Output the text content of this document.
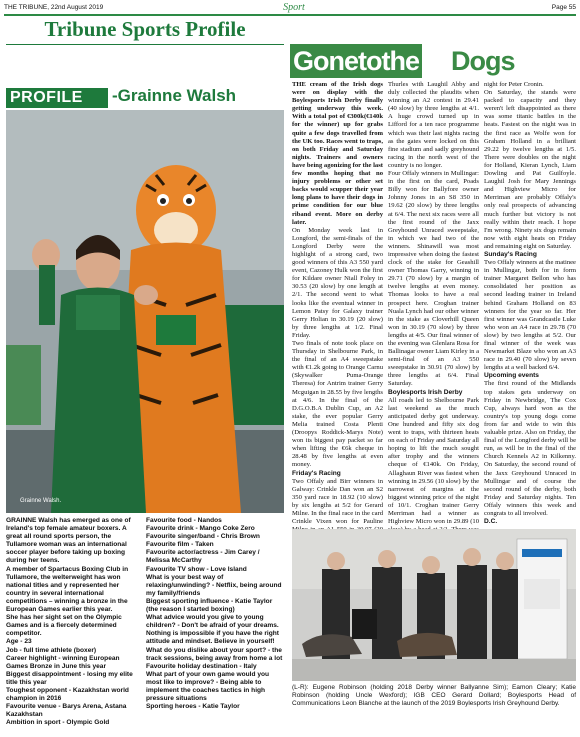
THE TRIBUNE, 22nd August 2019	Sport	Page 55
Tribune Sports Profile
PROFILE	-Grainne Walsh
Grainne Walsh.

GRAINNE Walsh has emerged as one of Ireland's top female amateur boxers. A great all round sports person, the Tullamore woman was an international soccer player before taking up boxing during her teens.

A member of Spartacus Boxing Club in Tullamore, the welterweight has won national titles and y represented her country in several international competitions – winning a bronze in the European Games earlier this year.

She has her sight set on the Olympic Games and is a fiercely determined competitor.

Age - 23

Job - full time athlete (boxer)

Career highlight - winning European Games Bronze in June this year

Biggest disappointment - losing my elite title this year

Toughest opponent - Kazakhstan world champion in 2016

Favourite venue - Barys Arena, Astana Kazakhstan

Ambition in sport - Olympic Gold

Favourite food - Nandos

Favourite drink - Mango Coke Zero

Favourite singer/band - Chris Brown

Favourite film - Taken

Favourite actor/actress - Jim Carey / Melissa McCarthy

Favourite TV show - Love Island

What is your best way of relaxing/unwinding? - Netflix, being around my family/friends

Biggest sporting influence - Katie Taylor (the reason I started boxing)

What advice would you give to young children? - Don't be afraid of your dreams. Nothing is impossible if you have the right attitude and mindset. Believe in yourself!

What do you dislike about your sport? - the track sessions, being away from home a lot

Favourite holiday destination - Italy

What part of your own game would you most like to improve? - Being able to implement the coaches tactics in high pressure situations

Sporting heroes - Katie Taylor

Gonetothe Dogs

THE cream of the Irish dogs were on display with the Boylesports Irish Derby finally getting underway this week. With a total pot of €300k(€140k for the winner) up for grabs quite a few dogs travelled from the UK too. Races went to traps, on both Friday and Saturday nights. Trainers and owners have being agonizing for the last few months hoping that no injury problems or other set backs would scupper their year long plans to have their dogs in prime condition for our blue riband event. More on derby later.

On Monday week last in Longford, the semi-finals of the Longford Derby were the highlight of a strong card, two good winners of this A3 550 yard event, Cazoney Hulk won the first for Kildare owner Niall Foley in 30.53 (20 slow) by one length at 2/1. The second went to what looks like the eventual winner in Lemon Patsy for Galaxy trainer Gerry Holian in 30.19 (20 slow) by three lengths at 1/2. Final Friday.

Two finals of note took place on Thursday in Shelbourne Park, in the final of an A4 sweepstake with €1.2k going to Orange Carnu (Skywalker Puma-Orange Theresa) for Antrim trainer Gerry Mcguigan in 28.55 by five lengths at 4/6. In the final of the D.G.O.B.A Dublin Cup, an A2 stake, the ever popular Gerry Melia trained Costa Plenti (Droopys Roddick-Marys Note) won its biggest pay packet so far when lifting the €6k cheque in 28.48 by five lengths at even money.

Friday's Racing

Two Offaly and Birr winners in Galway: Crinkle Dan won an S2 350 yard race in 18.92 (10 slow) by six lengths at 5/2 for Gerard Milne. In the final race in the card Crinkle Vixen won for Pauline

Thurles with Laughil Abby and duly collected the plaudits when winning an A2 contest in 29.41 (40 slow) by three lengths at 4/1. A huge crowd turned up in Lifford for a ten race programme which was their last nights racing as the gates were locked on this fine stadium and sadly greyhound racing in the north west of the country is no longer.

Four Offaly winners in Mullingar: in the first on the card, Poads Billy won for Ballyfore owner Johnny Jones in an S8 350 in 19.62 (20 slow) by three lengths at 6/4. The next six races were all the first round of the Jaxx Greyhound Unraced sweepstake, in which we had two of the winners. Shinawill was most impressive when doing the fastest clock of the stake for Geashill owner Thomas Garry, winning in 29.71 (70 slow) by a margin of twelve lengths at even money. Thomas looks to have a real prospect here. Croghan trainer Nuala Lynch had our other winner in the stake as Cloverhill Queen won in 30.19 (70 slow) by three lengths at 4/5. Our final winner of the evening was Glenlara Rosa for Ballinagar owner Liam Kirley in a semi-final of an A3 550 sweepstake in 30.91 (70 slow) by three lengths at 6/4. Final Saturday.

Boylesports Irish Derby

All roads led to Shelbourne Park last weekend as the much anticipated derby got underway. One hundred and fifty six dog went to traps, with thirteen heats on each of Friday and Saturday all hoping to lift the much sought after trophy and the winners cheque of €140k. On Friday, Allaghaun River was fastest when winning in 29.56 (10 slow) by the narrowest of margins at the biggest winning price of the night of 10/1. Croghan trainer Gerry Merriman had a winner as Highview Micro won in 29.89 (10

night for Peter Cronin.

On Saturday, the stands were packed to capacity and they weren't left disappointed as there was some titanic battles in the heats. Fastest on the night was in the first race as Wolfe won for Graham Holland in a brilliant 29.22 by twelve lengths at 1/5. There were doubles on the night for Holland, Kieran Lynch, Liam Dowling and Pat Guilfoyle. Laughil Josh for Mary Jennings and Highview Micro for Merriman are probably Offaly's only real prospects of advancing much further but victory is not really within their reach. I hope I'm wrong. Ninety six dogs remain now with eight heats on Friday and remaining eight on Saturday.

Sunday's Racing

Two Offaly winners at the matinee in Mullingar, both for in form trainer Margaret Bellon who has consolidated her position as second leading trainer in Ireland behind Graham Holland on 83 winners for the year so far. Her first winner was Grandcastle Luke who won an A4 race in 29.78 (70 slow) by two lengths at 5/2. Our final winner of the week was Newmarket Blaze who won an A3 race in 29.40 (70 slow) by seven lengths at a well backed 6/4.

Upcoming events

The first round of the Midlands top stakes gets underway on Friday in Newbridge, The Cox Cup, always hard won as the country's top young dogs come from far and wide to win this valuable prize. Also on Friday, the final of the Longford derby will be run, as will be in the final of the Church Kennels A2 in Kilkenny. On Saturday, the second round of the Jaxx Greyhound Unraced in Mullingar and of course the second round of the derby, both Friday and Saturday nights. Ten Offaly winners this week and congrats to all involved.

D.C.

(L-R): Eugene Robinson (holding 2018 Derby winner Ballyanne Sim); Eamon Cleary; Katie Robinson (holding Uncle Wexford); IGB CEO Gerard Dollard; Boylesports Head of Communications Leon Blanche at the launch of the 2019 Boylesports Irish Greyhound Derby.
